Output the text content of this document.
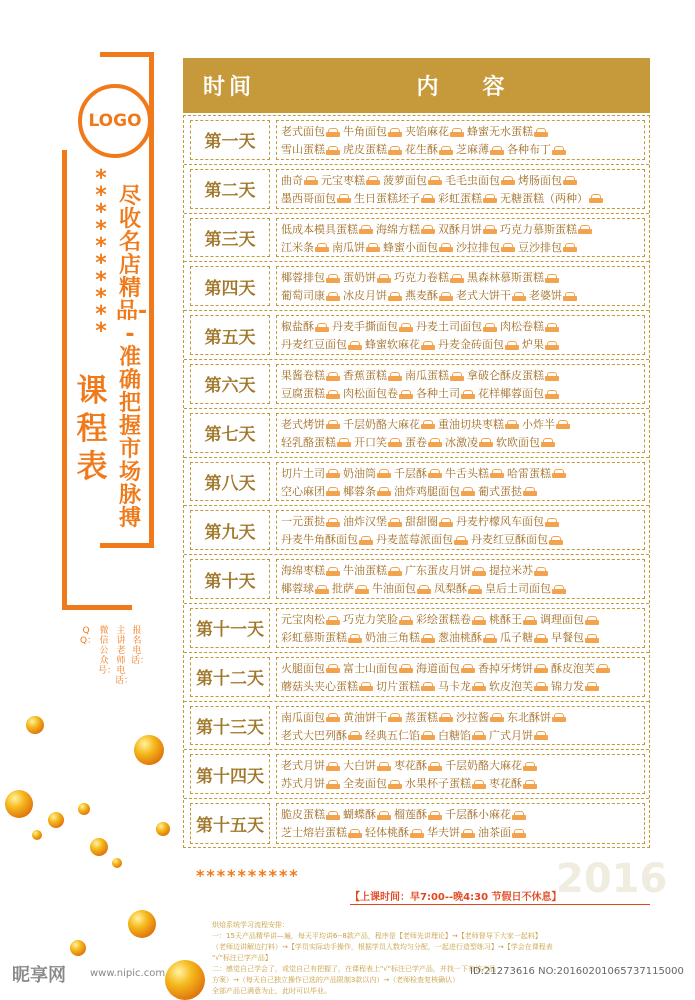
LOGO
**********
尽收名店精品--准确把握市场脉搏
课程表
报名电话：
主讲老师电话：
微信公众号：
QQ：
时间	内容
第一天
老式面包 牛角面包 夹馅麻花 蜂蜜无水蛋糕
雪山蛋糕 虎皮蛋糕 花生酥 芝麻薄 各种布丁
第二天
曲奇 元宝枣糕 菠萝面包 毛毛虫面包 烤肠面包
墨西哥面包 生日蛋糕坯子 彩虹蛋糕 无糖蛋糕（两种）
第三天
低成本模具蛋糕 海绵方糕 双酥月饼 巧克力慕斯蛋糕
江米条 南瓜饼 蜂蜜小面包 沙拉排包 豆沙排包
第四天
椰蓉排包 蛋奶饼 巧克力卷糕 黑森林慕斯蛋糕
葡萄司康 冰皮月饼 燕麦酥 老式大饼干 老婆饼
第五天
椒盐酥 丹麦手撕面包 丹麦土司面包 肉松卷糕
丹麦红豆面包 蜂蜜软麻花 丹麦金砖面包 炉果
第六天
果酱卷糕 香蕉蛋糕 南瓜蛋糕 拿破仑酥皮蛋糕
豆腐蛋糕 肉松面包卷 各种土司 花样椰蓉面包
第七天
老式烤饼 千层奶酪大麻花 重油切块枣糕 小炸半
轻乳酪蛋糕 开口笑 蛋卷 冰激凌 软欧面包
第八天
切片土司 奶油筒 千层酥 牛舌头糕 哈雷蛋糕
空心麻团 椰蓉条 油炸鸡腿面包 葡式蛋挞
第九天
一元蛋挞 油炸汉堡 甜甜圈 丹麦柠檬风车面包
丹麦牛角酥面包 丹麦蓝莓派面包 丹麦红豆酥面包
第十天
海绵枣糕 牛油蛋糕 广东蛋皮月饼 提拉米苏
椰蓉球 批萨 牛油面包 凤梨酥 皇后土司面包
第十一天
元宝肉松 巧克力笑脸 彩绘蛋糕卷 桃酥王 调理面包
彩虹慕斯蛋糕 奶油三角糕 葱油桃酥 瓜子糖 早餐包
第十二天
火腿面包 富士山面包 海道面包 香掉牙烤饼 酥皮泡芙
蘑菇头夹心蛋糕 切片蛋糕 马卡龙 软皮泡芙 锦力发
第十三天
南瓜面包 黄油饼干 蒸蛋糕 沙拉酱 东北酥饼
老式大巴列酥 经典五仁馅 白糖馅 广式月饼
第十四天
老式月饼 大白饼 枣花酥 千层奶酪大麻花
苏式月饼 全麦面包 水果杯子蛋糕 枣花酥
第十五天
脆皮蛋糕 蝴蝶酥 榴莲酥 千层酥小麻花
芝士熔岩蛋糕 轻体桃酥 华夫饼 油茶面
**********	2016
【上课时间：早7:00--晚4:30 节假日不休息】
烘焙系统学习流程安排：
一：15天产品精华讲—遍，每天平均讲6--8款产品，程序是【老师先讲理论】→【老师督导下大家一起料】
（老师边讲解边打料）→【学员实际动手操作，根据学员人数均匀分配，一起进行造型练习】→【学会在课程表
"√"标注已学产品】
二：感觉自己学会了，或觉自己有把握了，在课程表上"√"标注已学产品，并找一下有该产品
方案）→（每天自己独立操作已选的产品限制3款以内）→（老师检查复核确认）
全部产品已满意为止，此时可以毕业。
昵享网 www.nipic.com	ID:21273616 NO:20160201065737115000
